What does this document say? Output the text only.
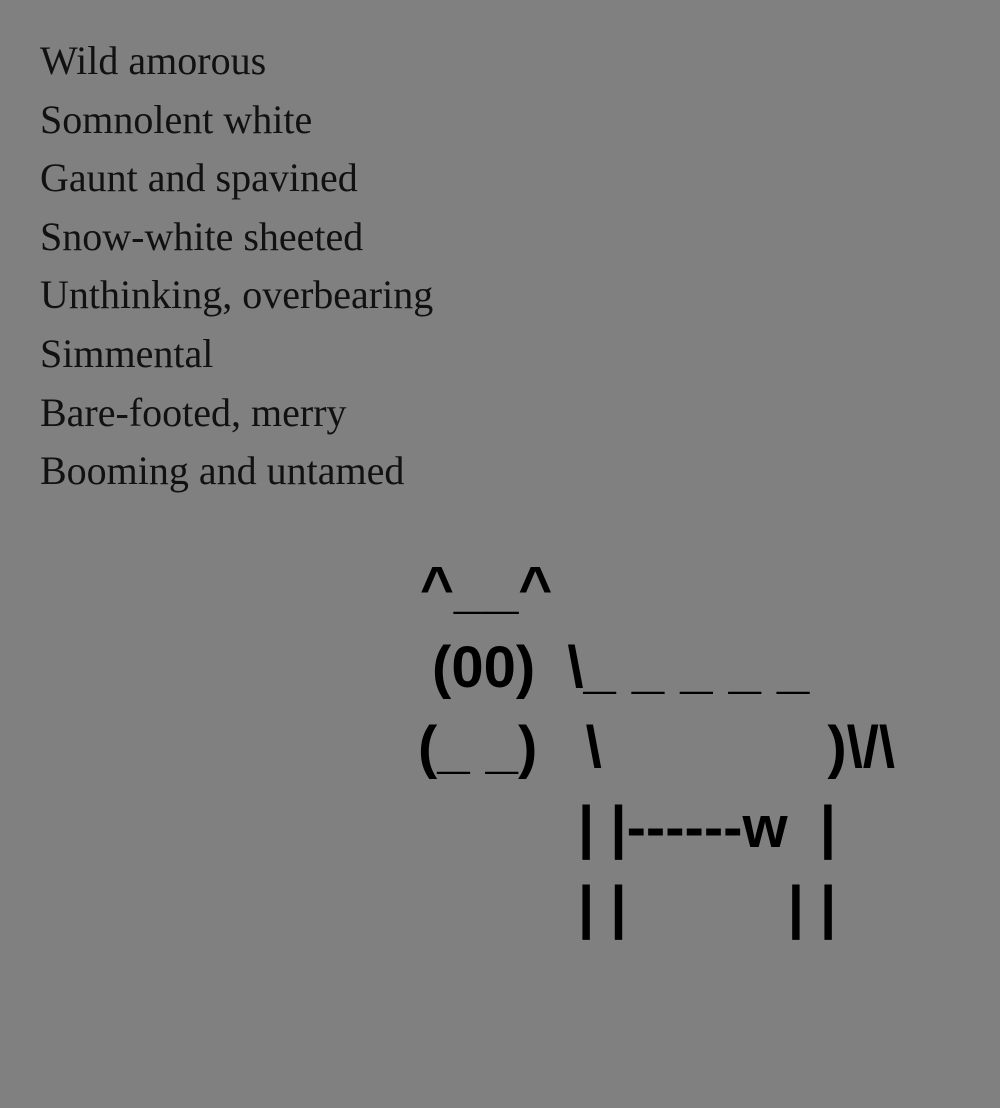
Wild amorous
Somnolent white
Gaunt and spavined
Snow-white sheeted
Unthinking, overbearing
Simmental
Bare-footed, merry
Booming and untamed

^__^

(00)  \_ _ _ _ _

(_ _)   \              )\/\

| |------w  |

| |          | |
